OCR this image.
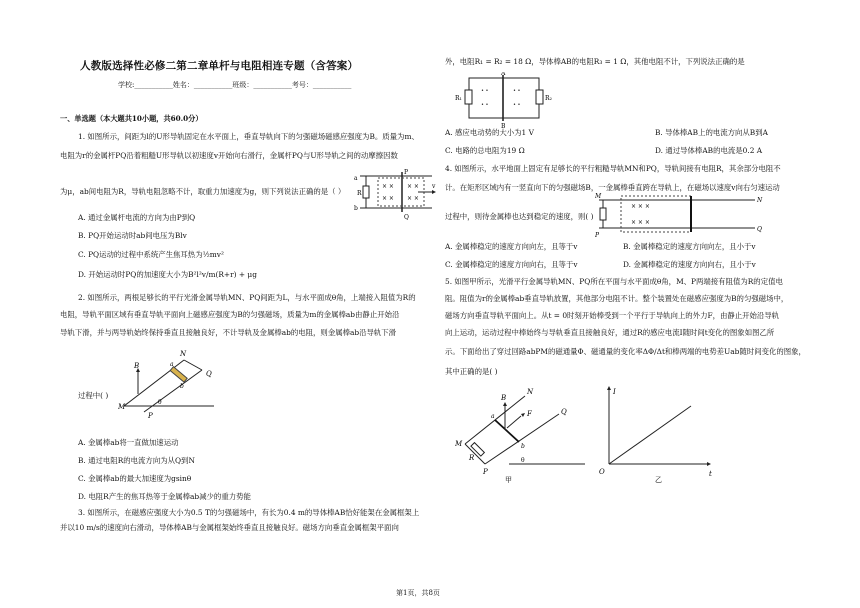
人教版选择性必修二第二章单杆与电阻相连专题（含答案）
学校:___________姓名：___________班级：___________考号：___________
一、单选题（本大题共10小题，共60.0分）
1. 如图所示，间距为l的U形导轨固定在水平面上，垂直导轨向下的匀强磁场磁感应强度为B。质量为m、
电阻为r的金属杆PQ沿着粗糙U形导轨以初速度v开始向右滑行，金属杆PQ与U形导轨之间的动摩擦因数
为μ，ab间电阻为R，导轨电阻忽略不计，取重力加速度为g，则下列说法正确的是（ ）
× ×
× ×
× ×
× ×
a
b
R
P
Q
v
A. 通过金属杆电流的方向为由P到Q
B. PQ开始运动时ab间电压为Blv
C. PQ运动的过程中系统产生焦耳热为½mv²
D. 开始运动时PQ的加速度大小为B²l²v/m(R+r) + μg
2. 如图所示，两根足够长的平行光滑金属导轨MN、PQ间距为L，与水平面成θ角，上端接入阻值为R的
电阻，导轨平面区域有垂直导轨平面向上磁感应强度为B的匀强磁场，质量为m的金属棒ab由静止开始沿
导轨下滑，并与两导轨始终保持垂直且接触良好，不计导轨及金属棒ab的电阻，则金属棒ab沿导轨下滑
B
M
Q
N
P
θ
b
a
过程中( )
A. 金属棒ab将一直做加速运动
B. 通过电阻R的电流方向为从Q到N
C. 金属棒ab的最大加速度为gsinθ
D. 电阻R产生的焦耳热等于金属棒ab减少的重力势能
3. 如图所示，在磁感应强度大小为0.5 T的匀强磁场中，有长为0.4 m的导体棒AB恰好能架在金属框架上
并以10 m/s的速度向右滑动，导体棒AB与金属框架始终垂直且接触良好。磁场方向垂直金属框架平面向
外，电阻R₁ = R₂ = 18 Ω，导体棒AB的电阻R₃ = 1 Ω，其他电阻不计，下列说法正确的是
• •
• •
• •
• •
R₁	R₂
A
B
A. 感应电动势的大小为1 V	B. 导体棒AB上的电流方向从B到A
C. 电路的总电阻为19 Ω	D. 通过导体棒AB的电流是0.2 A
4. 如图所示，水平地面上固定有足够长的平行粗糙导轨MN和PQ，导轨间接有电阻R，其余部分电阻不
计。在矩形区域内有一竖直向下的匀强磁场B，一金属棒垂直跨在导轨上，在磁场以速度v向右匀速运动
过程中，则待金属棒也达到稳定的速度，则( )
× × ×
× × ×
M
P
N
Q
A. 金属棒稳定的速度方向向左，且等于v	B. 金属棒稳定的速度方向向左，且小于v
C. 金属棒稳定的速度方向向右，且等于v	D. 金属棒稳定的速度方向向右，且小于v
5. 如图甲所示，光滑平行金属导轨MN、PQ所在平面与水平面成θ角，M、P两端接有阻值为R的定值电
阻。阻值为r的金属棒ab垂直导轨放置，其他部分电阻不计。整个装置处在磁感应强度为B的匀强磁场中，
磁场方向垂直导轨平面向上。从t = 0时刻开始棒受到一个平行于导轨向上的外力F，由静止开始沿导轨
向上运动，运动过程中棒始终与导轨垂直且接触良好，通过R的感应电流I随时间t变化的图象如图乙所
示。下面给出了穿过回路abPM的磁通量Φ、磁通量的变化率ΔΦ/Δt和棒两端的电势差Uab随时间变化的图象，
其中正确的是( )
B
F
a
b
M
N
Q
P
R	θ
甲
I
t
O
乙
第1页，共8页
